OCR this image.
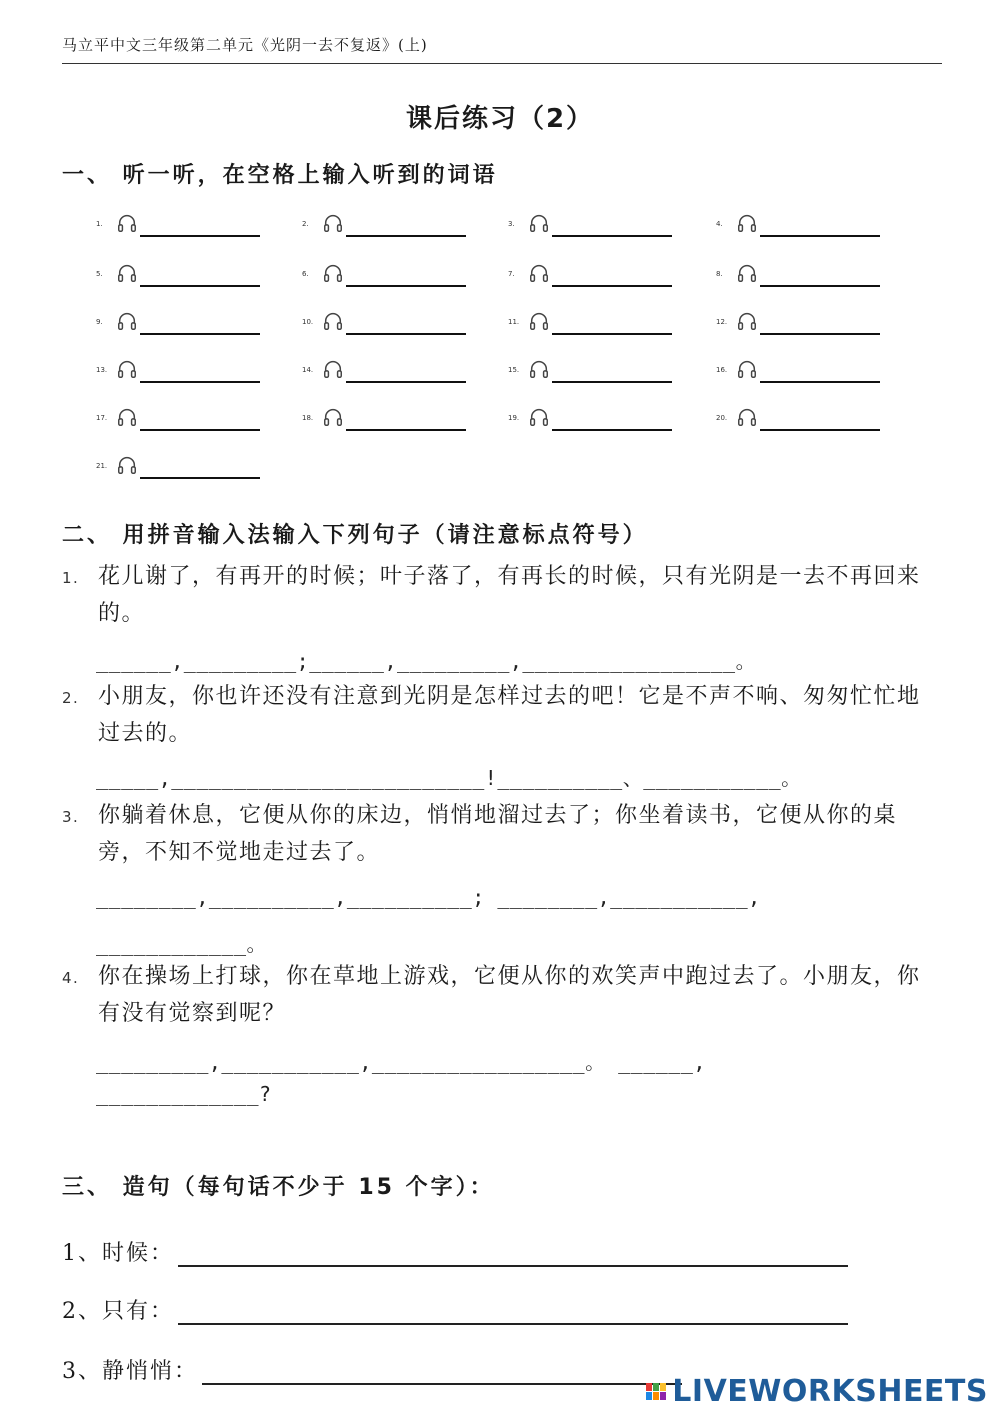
马立平中文三年级第二单元《光阴一去不复返》(上)
课后练习（2）
一、 听一听，在空格上输入听到的词语
1.	2.	3.	4.
5.	6.	7.	8.
9.	10.	11.	12.
13.	14.	15.	16.
17.	18.	19.	20.
21.
二、 用拼音输入法输入下列句子（请注意标点符号）
1. 花儿谢了，有再开的时候；叶子落了，有再长的时候，只有光阴是一去不再回来的。
______,_________;______,_________,_________________。
2. 小朋友，你也许还没有注意到光阴是怎样过去的吧！它是不声不响、匆匆忙忙地过去的。
_____,_________________________!__________、___________。
3. 你躺着休息，它便从你的床边，悄悄地溜过去了；你坐着读书，它便从你的桌旁，不知不觉地走过去了。
________,__________,__________; ________,___________,
____________。
4. 你在操场上打球，你在草地上游戏，它便从你的欢笑声中跑过去了。小朋友，你有没有觉察到呢？
_________,___________,_________________。 ______,
_____________?
三、 造句（每句话不少于 15 个字）：
1、时候：
2、只有：
3、静悄悄：
LIVEWORKSHEETS
